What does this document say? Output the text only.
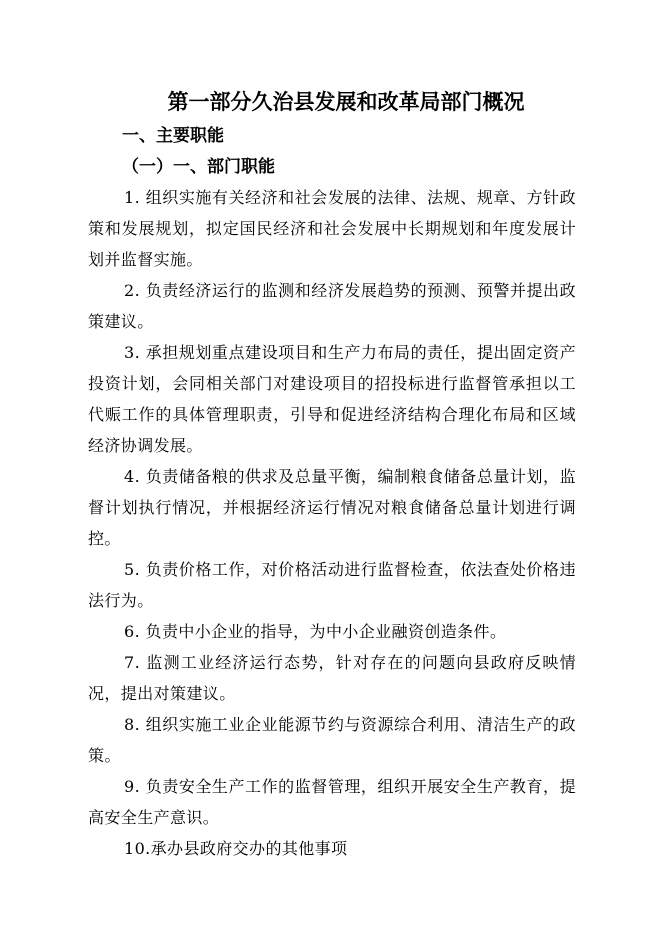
第一部分久治县发展和改革局部门概况
一、主要职能
（一）一、部门职能

1. 组织实施有关经济和社会发展的法律、法规、规章、方针政策和发展规划，拟定国民经济和社会发展中长期规划和年度发展计划并监督实施。

2. 负责经济运行的监测和经济发展趋势的预测、预警并提出政策建议。

3. 承担规划重点建设项目和生产力布局的责任，提出固定资产投资计划，会同相关部门对建设项目的招投标进行监督管承担以工代赈工作的具体管理职责，引导和促进经济结构合理化布局和区域经济协调发展。

4. 负责储备粮的供求及总量平衡，编制粮食储备总量计划，监督计划执行情况，并根据经济运行情况对粮食储备总量计划进行调控。

5. 负责价格工作，对价格活动进行监督检查，依法查处价格违法行为。

6. 负责中小企业的指导，为中小企业融资创造条件。

7. 监测工业经济运行态势，针对存在的问题向县政府反映情况，提出对策建议。

8. 组织实施工业企业能源节约与资源综合利用、清洁生产的政策。

9. 负责安全生产工作的监督管理，组织开展安全生产教育，提高安全生产意识。

10.承办县政府交办的其他事项
